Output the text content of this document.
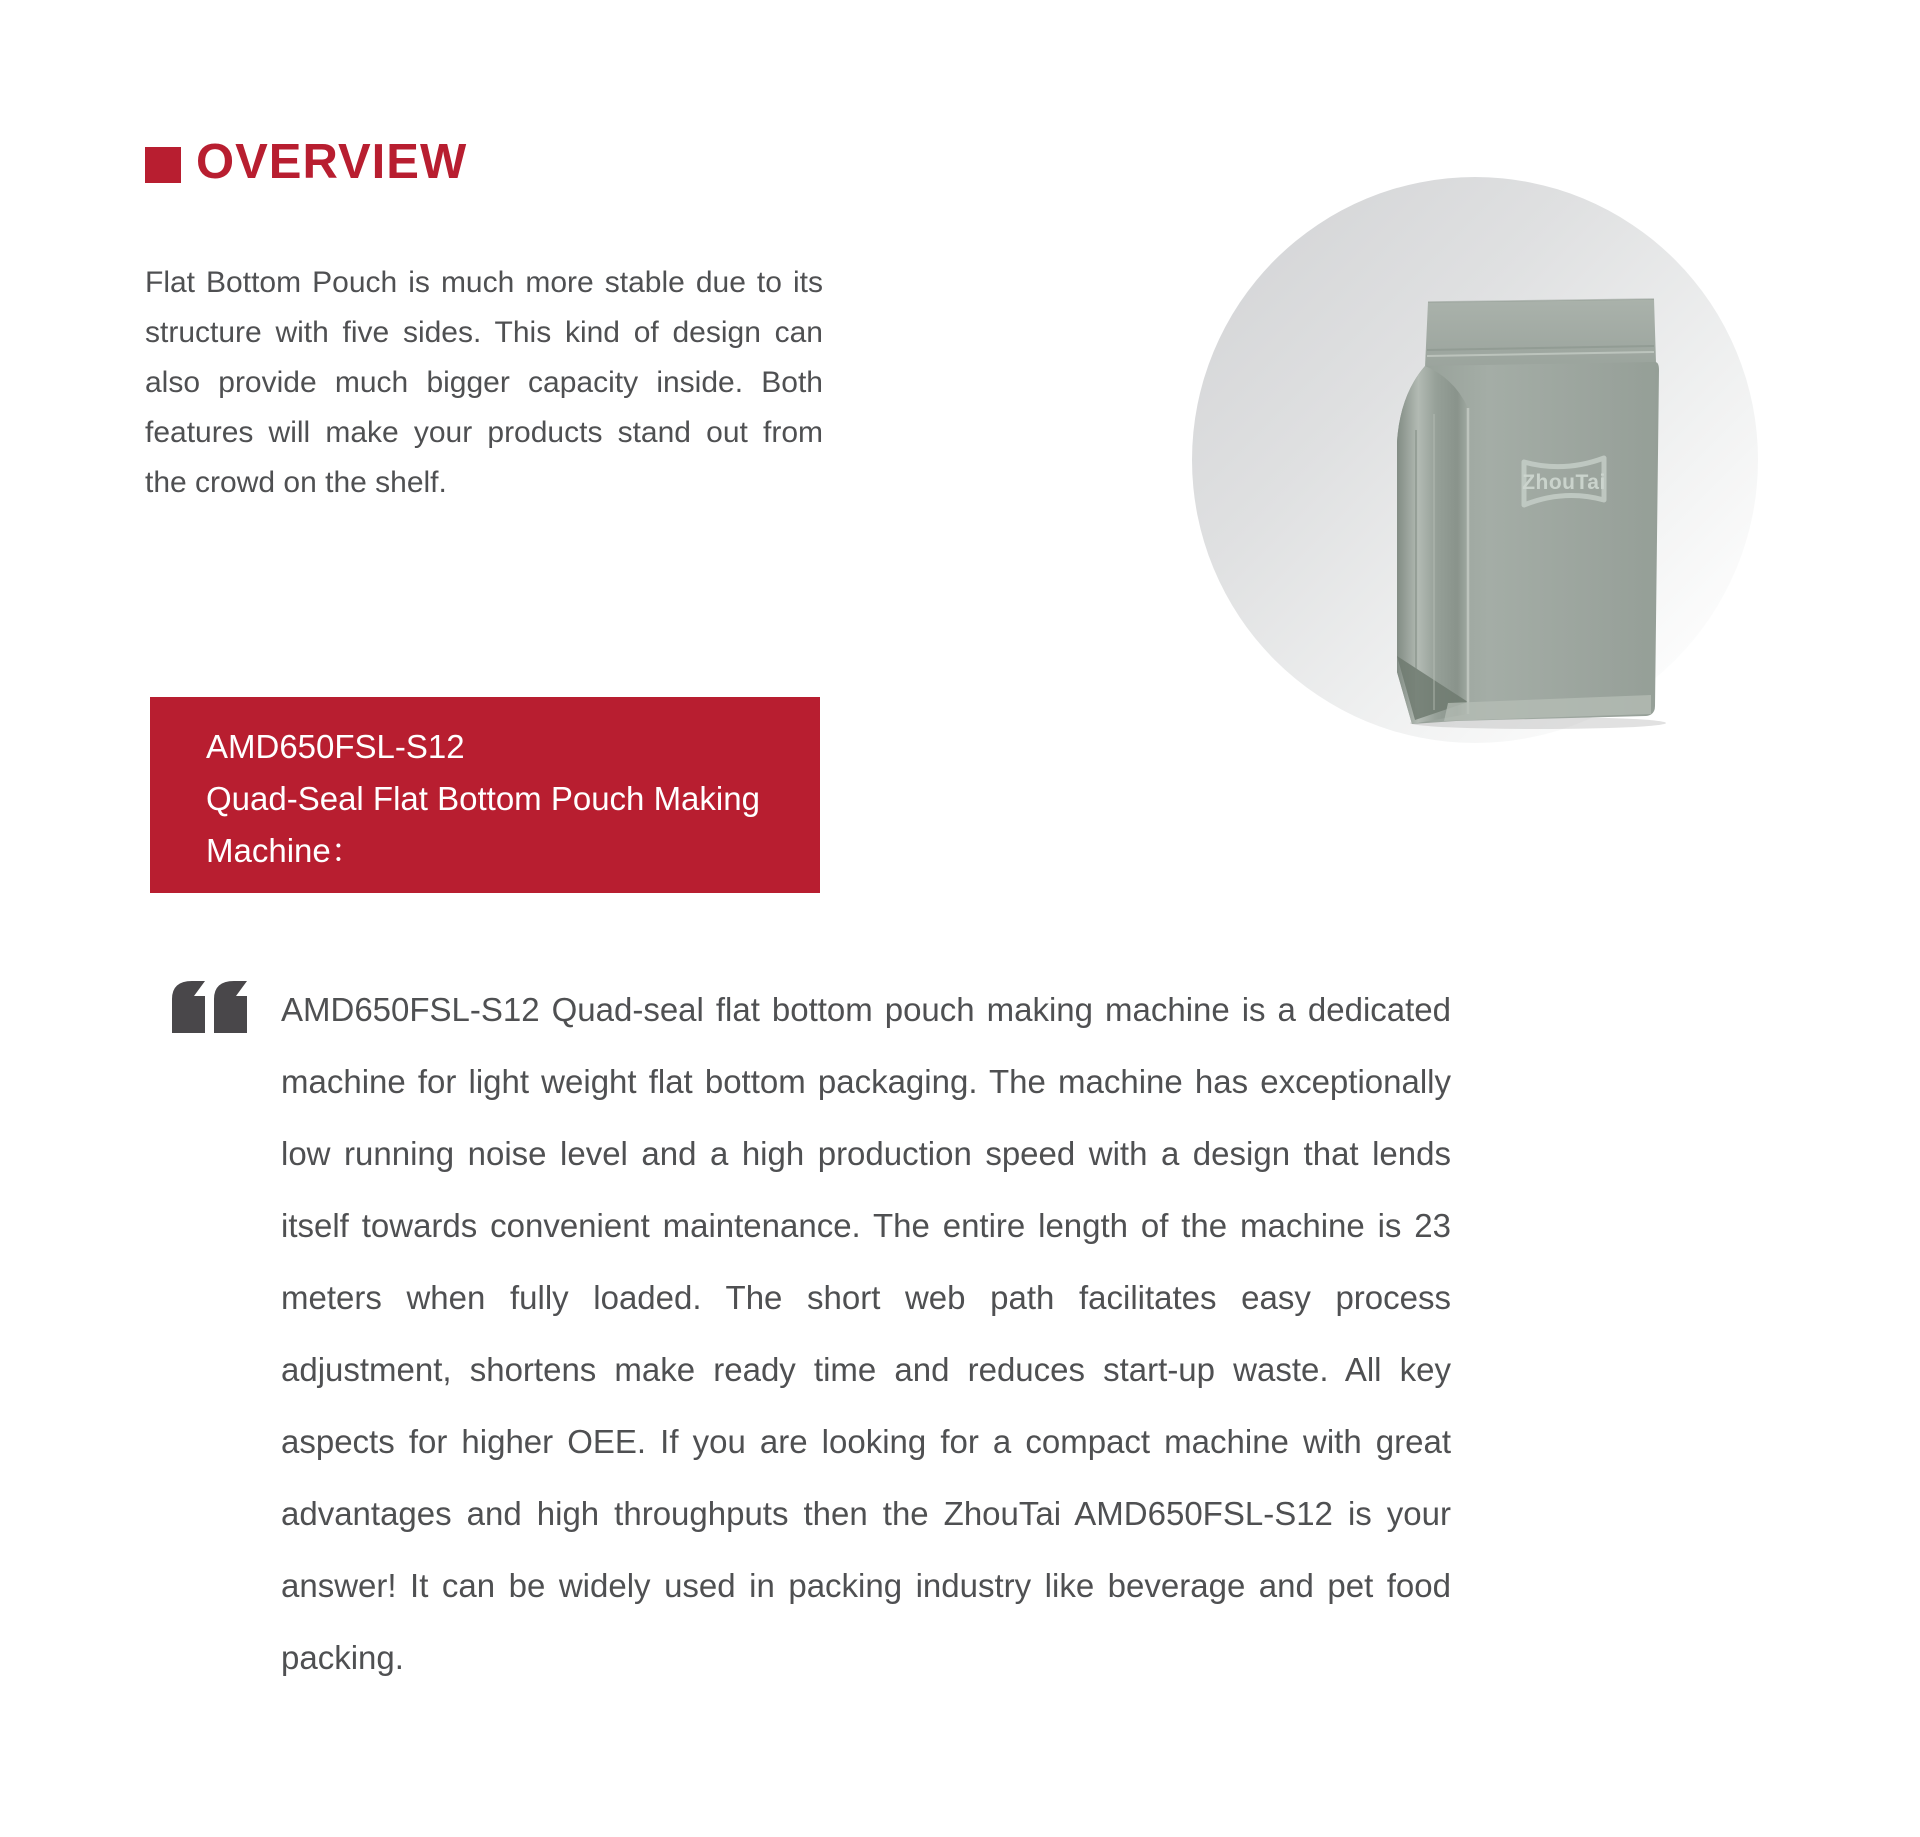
OVERVIEW
Flat Bottom Pouch is much more stable due to its structure with five sides. This kind of design can also provide much bigger capacity inside. Both features will make your products stand out from the crowd on the shelf.	ZhouTai
AMD650FSL-S12
Quad-Seal Flat Bottom Pouch Making
Machine：
AMD650FSL-S12 Quad-seal flat bottom pouch making machine is a dedicated machine for light weight flat bottom packaging. The machine has exceptionally low running noise level and a high production speed with a design that lends itself towards convenient maintenance. The entire length of the machine is 23 meters when fully loaded. The short web path facilitates easy process adjustment, shortens make ready time and reduces start-up waste. All key aspects for higher OEE. If you are looking for a compact machine with great advantages and high throughputs then the ZhouTai AMD650FSL-S12 is your answer! It can be widely used in packing industry like beverage and pet food packing.
